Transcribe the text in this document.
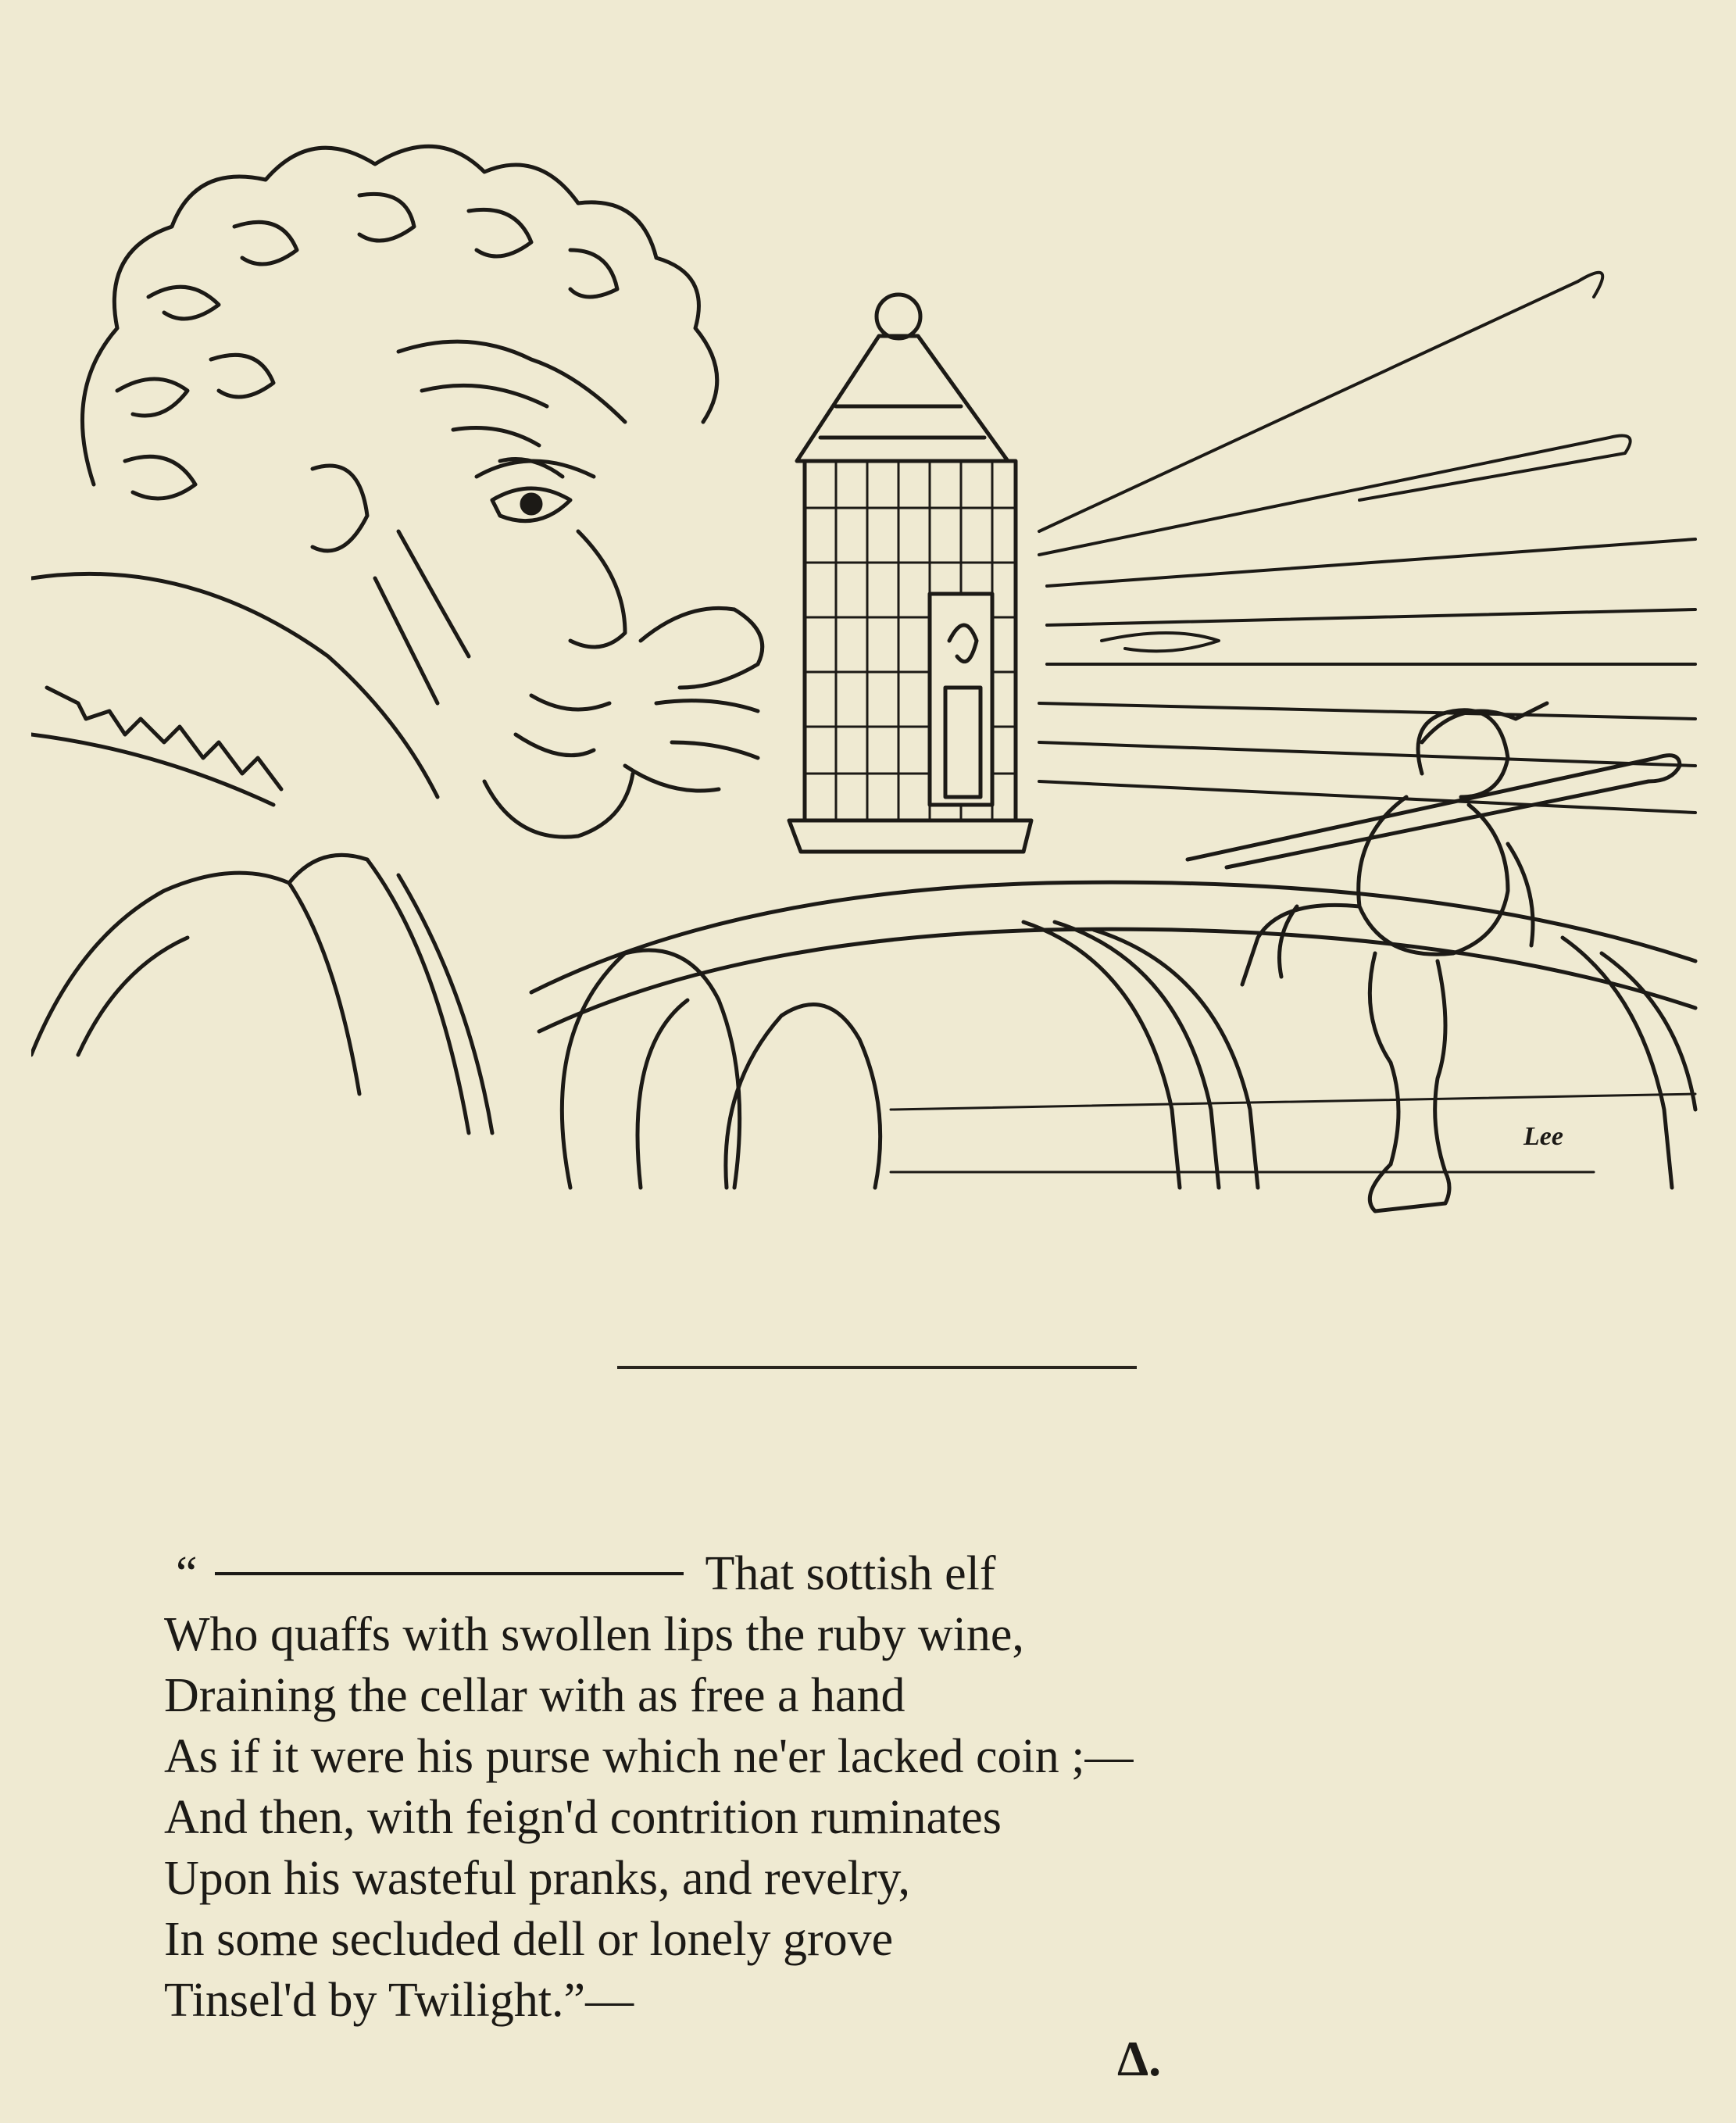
Lee
“	That sottish elf
Who quaffs with swollen lips the ruby wine,
Draining the cellar with as free a hand
As if it were his purse which ne'er lacked coin ;—
And then, with feign'd contrition ruminates
Upon his wasteful pranks, and revelry,
In some secluded dell or lonely grove
Tinsel'd by Twilight.”—
Δ.
